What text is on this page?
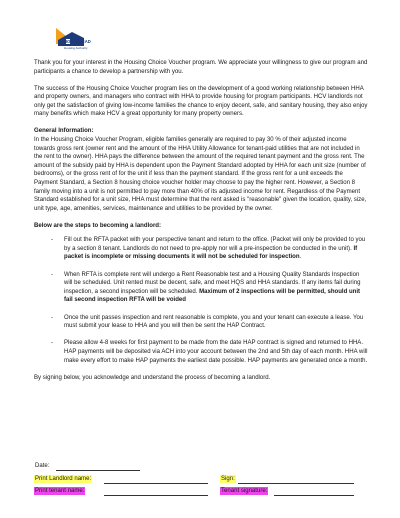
HOMESTEAD
Housing Authority

Thank you for your interest in the Housing Choice Voucher program. We appreciate your willingness to give our program and participants a chance to develop a partnership with you.

The success of the Housing Choice Voucher program lies on the development of a good working relationship between HHA and property owners, and managers who contract with HHA to provide housing for program participants. HCV landlords not only get the satisfaction of giving low-income families the chance to enjoy decent, safe, and sanitary housing, they also enjoy many benefits which make HCV a great opportunity for many property owners.

General Information:

In the Housing Choice Voucher Program, eligible families generally are required to pay 30 % of their adjusted income towards gross rent (owner rent and the amount of the HHA Utility Allowance for tenant-paid utilities that are not included in the rent to the owner). HHA pays the difference between the amount of the required tenant payment and the gross rent. The amount of the subsidy paid by HHA is dependent upon the Payment Standard adopted by HHA for each unit size (number of bedrooms), or the gross rent of for the unit if less than the payment standard. If the gross rent for a unit exceeds the Payment Standard, a Section 8 housing choice voucher holder may choose to pay the higher rent. However, a Section 8 family moving into a unit is not permitted to pay more than 40% of its adjusted income for rent. Regardless of the Payment Standard established for a unit size, HHA must determine that the rent asked is "reasonable" given the location, quality, size, unit type, age, amenities, services, maintenance and utilities to be provided by the owner.

Below are the steps to becoming a landlord:
- Fill out the RFTA packet with your perspective tenant and return to the office. (Packet will only be provided to you by a section 8 tenant. Landlords do not need to pre-apply nor will a pre-inspection be conducted in the unit). If packet is incomplete or missing documents it will not be scheduled for inspection.
- When RFTA is complete rent will undergo a Rent Reasonable test and a Housing Quality Standards Inspection will be scheduled. Unit rented must be decent, safe, and meet HQS and HHA standards. If any items fail during inspection, a second inspection will be scheduled. Maximum of 2 inspections will be permitted, should unit fail second inspection RFTA will be voided
- Once the unit passes inspection and rent reasonable is complete, you and your tenant can execute a lease. You must submit your lease to HHA and you will then be sent the HAP Contract.
- Please allow 4-8 weeks for first payment to be made from the date HAP contract is signed and returned to HHA. HAP payments will be deposited via ACH into your account between the 2nd and 5th day of each month. HHA will make every effort to make HAP payments the earliest date possible. HAP payments are generated once a month.

By signing below, you acknowledge and understand the process of becoming a landlord.

Date:
Print Landlord name:	Sign:
Print tenant name:	Tenant signature:
